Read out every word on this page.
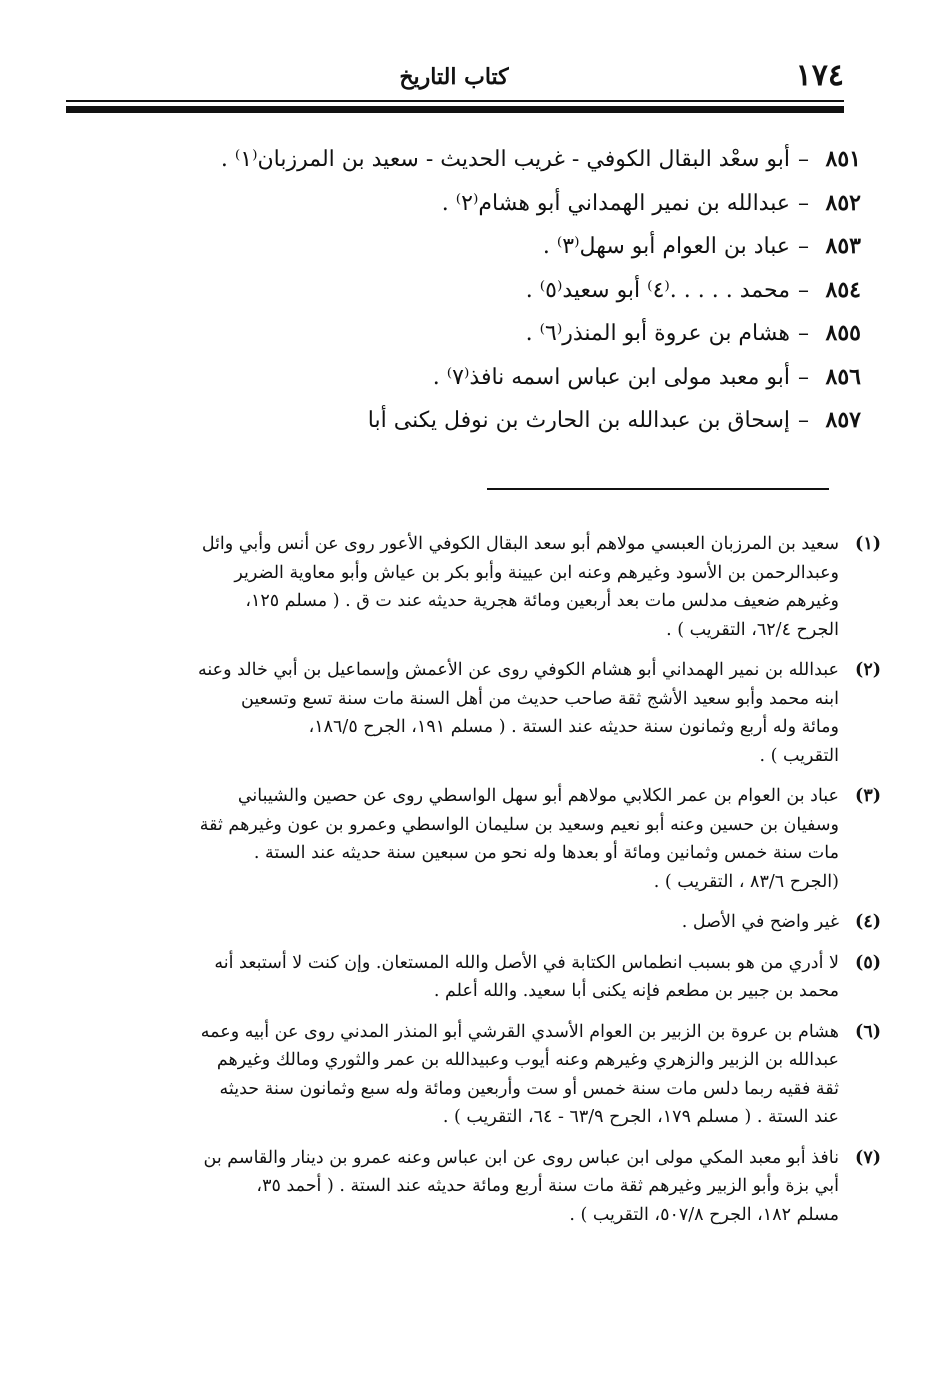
١٧٤
كتاب التاريخ
٨٥١
–
أبو سعْد البقال الكوفي - غريب الحديث - سعيد بن المرزبان⁽١⁾ .
٨٥٢
–
عبدالله بن نمير الهمداني أبو هشام⁽٢⁾ .
٨٥٣
–
عباد بن العوام أبو سهل⁽٣⁾ .
٨٥٤
–
محمد . . . . .⁽٤⁾ أبو سعيد⁽٥⁾ .
٨٥٥
–
هشام بن عروة أبو المنذر⁽٦⁾ .
٨٥٦
–
أبو معبد مولى ابن عباس اسمه نافذ⁽٧⁾ .
٨٥٧
–
إسحاق بن عبدالله بن الحارث بن نوفل يكنى أبا
(١)
سعيد بن المرزبان العبسي مولاهم أبو سعد البقال الكوفي الأعور روى عن أنس وأبي وائل
وعبدالرحمن بن الأسود وغيرهم وعنه ابن عيينة وأبو بكر بن عياش وأبو معاوية الضرير
وغيرهم ضعيف مدلس مات بعد أربعين ومائة هجرية حديثه عند ت ق . ( مسلم ١٢٥،
الجرح ٦٢/٤، التقريب ) .
(٢)
عبدالله بن نمير الهمداني أبو هشام الكوفي روى عن الأعمش وإسماعيل بن أبي خالد وعنه
ابنه محمد وأبو سعيد الأشج ثقة صاحب حديث من أهل السنة مات سنة تسع وتسعين
ومائة وله أربع وثمانون سنة حديثه عند الستة . ( مسلم ١٩١، الجرح ١٨٦/٥،
التقريب ) .
(٣)
عباد بن العوام بن عمر الكلابي مولاهم أبو سهل الواسطي روى عن حصين والشيباني
وسفيان بن حسين وعنه أبو نعيم وسعيد بن سليمان الواسطي وعمرو بن عون وغيرهم ثقة
مات سنة خمس وثمانين ومائة أو بعدها وله نحو من سبعين سنة حديثه عند الستة .
(الجرح ٨٣/٦ ، التقريب ) .
(٤)
غير واضح في الأصل .
(٥)
لا أدري من هو بسبب انطماس الكتابة في الأصل والله المستعان. وإن كنت لا أستبعد أنه
محمد بن جبير بن مطعم فإنه يكنى أبا سعيد. والله أعلم .
(٦)
هشام بن عروة بن الزبير بن العوام الأسدي القرشي أبو المنذر المدني روى عن أبيه وعمه
عبدالله بن الزبير والزهري وغيرهم وعنه أيوب وعبيدالله بن عمر والثوري ومالك وغيرهم
ثقة فقيه ربما دلس مات سنة خمس أو ست وأربعين ومائة وله سبع وثمانون سنة حديثه
عند الستة . ( مسلم ١٧٩، الجرح ٦٣/٩ - ٦٤، التقريب ) .
(٧)
نافذ أبو معبد المكي مولى ابن عباس روى عن ابن عباس وعنه عمرو بن دينار والقاسم بن
أبي بزة وأبو الزبير وغيرهم ثقة مات سنة أربع ومائة حديثه عند الستة . ( أحمد ٣٥،
مسلم ١٨٢، الجرح ٥٠٧/٨، التقريب ) .
